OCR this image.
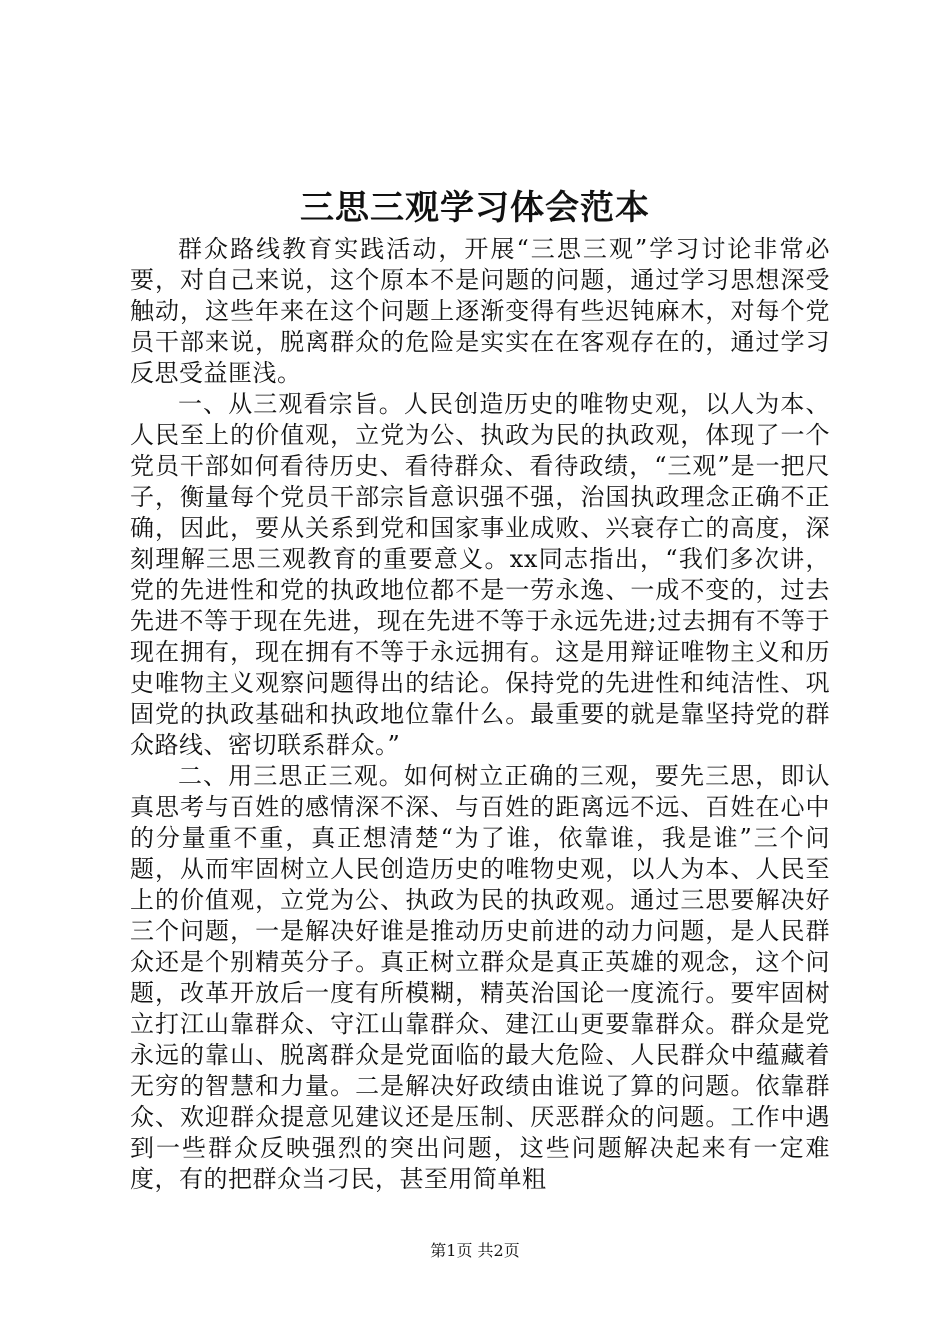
三思三观学习体会范本

群众路线教育实践活动，开展“三思三观”学习讨论非常必要，对自己来说，这个原本不是问题的问题，通过学习思想深受触动，这些年来在这个问题上逐渐变得有些迟钝麻木，对每个党员干部来说，脱离群众的危险是实实在在客观存在的，通过学习反思受益匪浅。

一、从三观看宗旨。人民创造历史的唯物史观，以人为本、人民至上的价值观，立党为公、执政为民的执政观，体现了一个党员干部如何看待历史、看待群众、看待政绩，“三观”是一把尺子，衡量每个党员干部宗旨意识强不强，治国执政理念正确不正确，因此，要从关系到党和国家事业成败、兴衰存亡的高度，深刻理解三思三观教育的重要意义。xx同志指出，“我们多次讲，党的先进性和党的执政地位都不是一劳永逸、一成不变的，过去先进不等于现在先进，现在先进不等于永远先进;过去拥有不等于现在拥有，现在拥有不等于永远拥有。这是用辩证唯物主义和历史唯物主义观察问题得出的结论。保持党的先进性和纯洁性、巩固党的执政基础和执政地位靠什么。最重要的就是靠坚持党的群众路线、密切联系群众。”

二、用三思正三观。如何树立正确的三观，要先三思，即认真思考与百姓的感情深不深、与百姓的距离远不远、百姓在心中的分量重不重，真正想清楚“为了谁，依靠谁，我是谁”三个问题，从而牢固树立人民创造历史的唯物史观，以人为本、人民至上的价值观，立党为公、执政为民的执政观。通过三思要解决好三个问题，一是解决好谁是推动历史前进的动力问题，是人民群众还是个别精英分子。真正树立群众是真正英雄的观念，这个问题，改革开放后一度有所模糊，精英治国论一度流行。要牢固树立打江山靠群众、守江山靠群众、建江山更要靠群众。群众是党永远的靠山、脱离群众是党面临的最大危险、人民群众中蕴藏着无穷的智慧和力量。二是解决好政绩由谁说了算的问题。依靠群众、欢迎群众提意见建议还是压制、厌恶群众的问题。工作中遇到一些群众反映强烈的突出问题，这些问题解决起来有一定难度，有的把群众当刁民，甚至用简单粗

第1页 共2页
